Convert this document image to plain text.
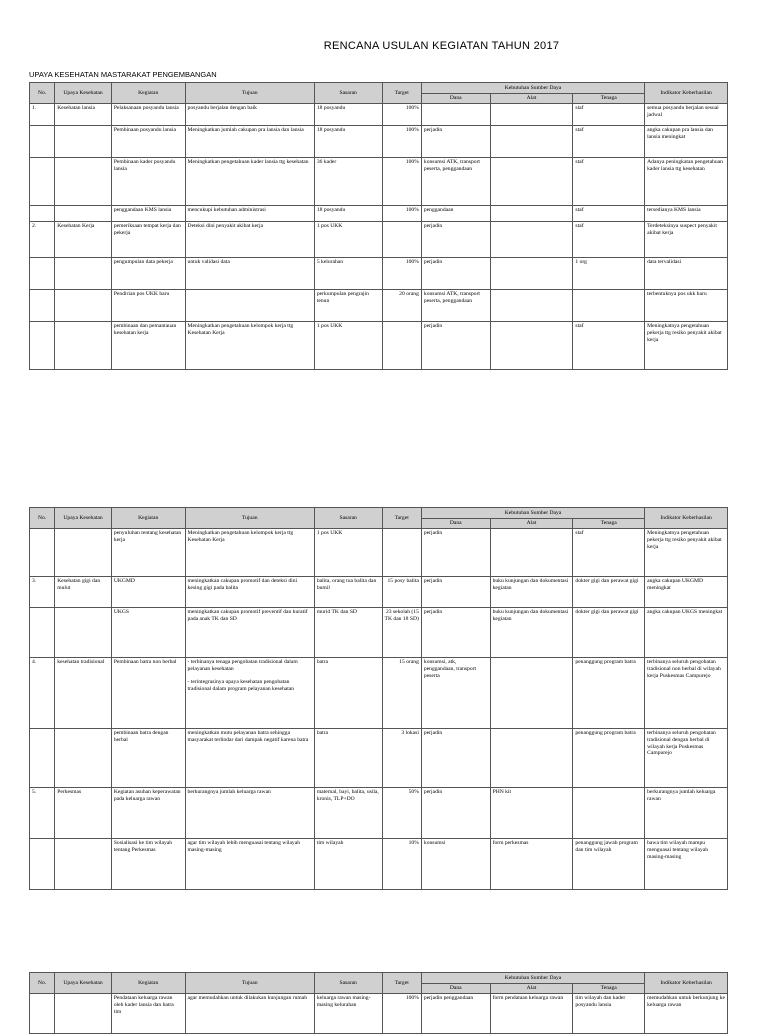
RENCANA USULAN KEGIATAN TAHUN 2017
UPAYA KESEHATAN MASTARAKAT PENGEMBANGAN
No.	Upaya Kesehatan	Kegiatan	Tujuan	Sasaran	Target	Kebutuhan Sumber Daya			Indikator Keberhasilan
						Dana	Alat	Tenaga	
1.	Kesehatan lansia	Pelaksanaan posyandu lansia	posyandu berjalan dengan baik	18 posyandu	100%			staf	semua posyandu berjalan sesuai jadwal
		Pembinaan posyandu lansia	Meningkatkan jumlah cakupan pra lansia dan lansia	18 posyandu	100%	perjadin		staf	angka cakupan pra lansia dan lansia meningkat
		Pembinaan kader posyandu lansia	Meningkatkan pengetahuan kader lansia ttg kesehatan	36 kader	100%	konsumsi ATK, transport peserta, penggandaan		staf	Adanya peningkatan pengetahuan kader lansia ttg kesehatan
		penggandaan KMS lansia	mencukupi kebutuhan administrasi	18 posyandu	100%	penggandaan		staf	tersedianya KMS lansia
2.	Kesehatan Kerja	pemeriksaan tempat kerja dan pekerja	Deteksi dini penyakit akibat kerja	1 pos UKK		perjadin		staf	Terdeteksinya suspect penyakit akibat kerja
		pengumpulan data pekerja	untuk validasi data	5 kelurahan	100%	perjadin		1 org	data tervalidasi
		Pendirian pos UKK baru		perkumpulan pengrajin tenun	20 orang	konsumsi ATK, transport peserta, penggandaan			terbentuknya pos ukk baru
		pembinaan dan pemantauan kesehatan kerja	Meningkatkan pengetahuan kelompok kerja ttg Kesehatan Kerja	1 pos UKK		perjadin		staf	Meningkatnya pengetahuan pekerja ttg resiko penyakit akibat kerja
No.	Upaya Kesehatan	Kegiatan	Tujuan	Sasaran	Target	Kebutuhan Sumber Daya			Indikator Keberhasilan
						Dana	Alat	Tenaga	
		penyuluhan tentang kesehatan kerja	Meningkatkan pengetahuan kelompok kerja ttg Kesehatan Kerja	1 pos UKK		perjadin		staf	Meningkatnya pengetahuan pekerja ttg resiko penyakit akibat kerja
3.	Kesehatan gigi dan mulut	UKGMD	meningkatkan cakupan promotif dan deteksi dini kesing gigi pada balita	balita, orang tua balita dan bumil	15 posy balita	perjadin	buku kunjungan dan dokumentasi kegiatan	dokter gigi dan perawat gigi	angka cakupan UKGMD meningkat
		UKGS	meningkatkan cakupan promotif preventif dan kuratif pada anak TK dan SD	murid TK dan SD	23 sekolah (15 TK dan 18 SD)	perjadin	buku kunjungan dan dokumentasi kegiatan	dokter gigi dan perawat gigi	angka cakupan UKGS meningkat
4.	kesehatan tradisional	Pembinaan batra non herbal	- terbinanya tenaga pengobatan tradisional dalam pelayanan kesehatan

- terintegrasinya upaya kesehatan pengobatan tradisional dalam program pelayanan kesehatan	batra	15 orang	konsumsi, atk, penggandaan, transport peserta		penanggung program batra	terbinanya seluruh pengobatan tradisional non herbal di wilayah kerja Puskesmas Campurejo
		pembinaan batra dengan herbal	meningkatkan mutu pelayanan batra sehingga masyarakat terlindar dari dampak negatif karena batra	batra	3 lokasi	perjadin		penanggung program batra	terbinanya seluruh pengobatan tradisional dengan herbal di wilayah kerja Puskesmas Campurejo
5.	Perkesmas	Kegiatan asuhan keperawatan pada keluarga rawan	berkurangnya jumlah keluarga rawan	maternal, bayi, balita, usila, kronis, TLP+DO	50%	perjadin	PHN kit		berkurangnya jumlah keluarga rawan
		Sosialisasi ke tim wilayah tentang Perkesmas	agar tim wilayah lebih menguasai tentang wilayah masing-masing	tim wilayah	10%	konsumsi	form perkesmas	penanggung jawab program dan tim wilayah	bawa tim wilayah mampu menguasai tentang wilayah masing-masing
No.	Upaya Kesehatan	Kegiatan	Tujuan	Sasaran	Target	Kebutuhan Sumber Daya			Indikator Keberhasilan
						Dana	Alat	Tenaga	
		Pendataan keluarga rawan oleh kader lansia dan batra tim	agar memudahkan untuk dilakukan kunjungan rumah	keluarga rawan masing-masing kelurahan	100%	perjadin penggandaan	form pendataan keluarga rawan	tim wilayah dan kader posyandu lansia	memudahkan untuk berkunjung ke keluarga rawan
